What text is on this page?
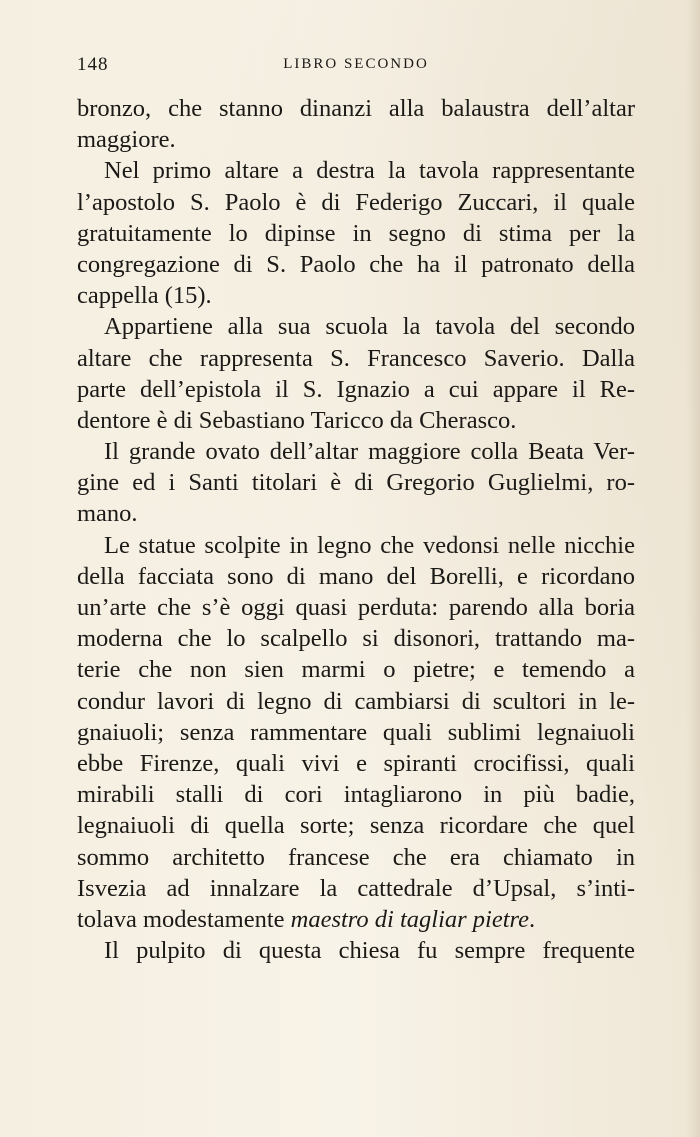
148	LIBRO SECONDO
bronzo, che stanno dinanzi alla balaustra dell’altar
maggiore.
Nel primo altare a destra la tavola rappresentante
l’apostolo S. Paolo è di Federigo Zuccari, il quale
gratuitamente lo dipinse in segno di stima per la
congregazione di S. Paolo che ha il patronato della
cappella (15).
Appartiene alla sua scuola la tavola del secondo
altare che rappresenta S. Francesco Saverio. Dalla
parte dell’epistola il S. Ignazio a cui appare il Re-
dentore è di Sebastiano Taricco da Cherasco.
Il grande ovato dell’altar maggiore colla Beata Ver-
gine ed i Santi titolari è di Gregorio Guglielmi, ro-
mano.
Le statue scolpite in legno che vedonsi nelle nicchie
della facciata sono di mano del Borelli, e ricordano
un’arte che s’è oggi quasi perduta: parendo alla boria
moderna che lo scalpello si disonori, trattando ma-
terie che non sien marmi o pietre; e temendo a
condur lavori di legno di cambiarsi di scultori in le-
gnaiuoli; senza rammentare quali sublimi legnaiuoli
ebbe Firenze, quali vivi e spiranti crocifissi, quali
mirabili stalli di cori intagliarono in più badie,
legnaiuoli di quella sorte; senza ricordare che quel
sommo architetto francese che era chiamato in
Isvezia ad innalzare la cattedrale d’Upsal, s’inti-
tolava modestamente maestro di tagliar pietre.
Il pulpito di questa chiesa fu sempre frequente
